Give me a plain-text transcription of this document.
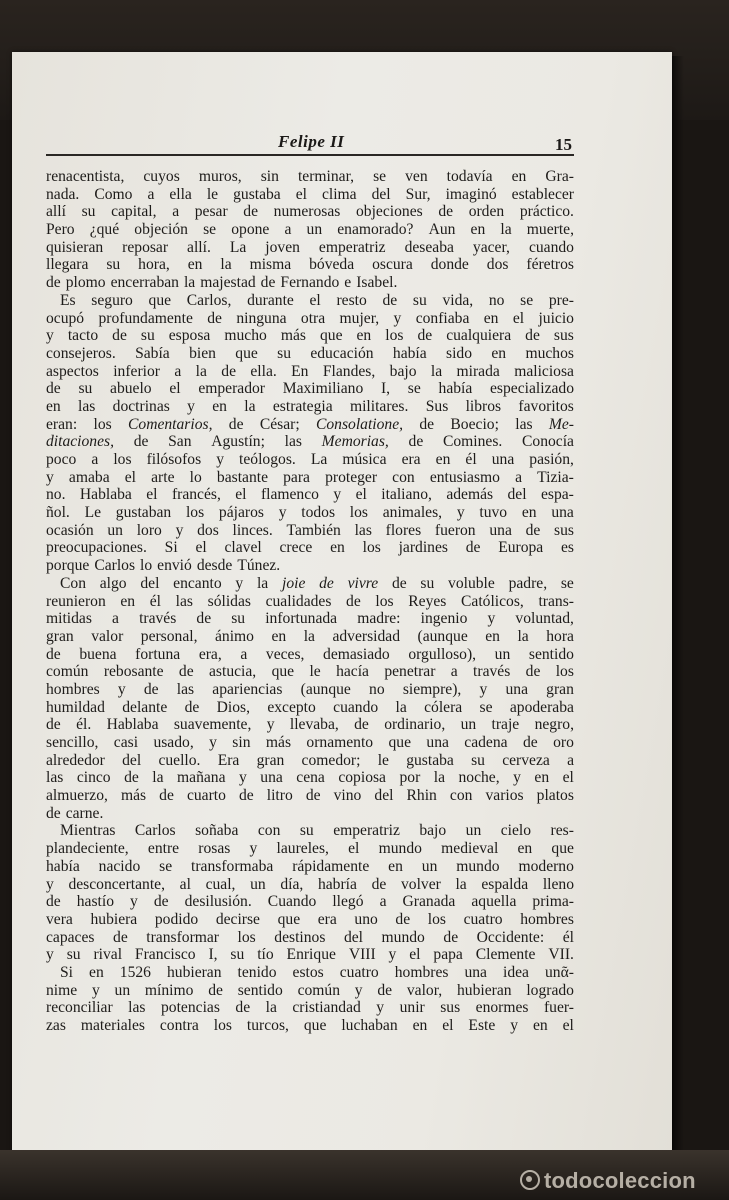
Felipe II	15
renacentista, cuyos muros, sin terminar, se ven todavía en Gra-
nada. Como a ella le gustaba el clima del Sur, imaginó establecer
allí su capital, a pesar de numerosas objeciones de orden práctico.
Pero ¿qué objeción se opone a un enamorado? Aun en la muerte,
quisieran reposar allí. La joven emperatriz deseaba yacer, cuando
llegara su hora, en la misma bóveda oscura donde dos féretros
de plomo encerraban la majestad de Fernando e Isabel.
Es seguro que Carlos, durante el resto de su vida, no se pre-
ocupó profundamente de ninguna otra mujer, y confiaba en el juicio
y tacto de su esposa mucho más que en los de cualquiera de sus
consejeros. Sabía bien que su educación había sido en muchos
aspectos inferior a la de ella. En Flandes, bajo la mirada maliciosa
de su abuelo el emperador Maximiliano I, se había especializado
en las doctrinas y en la estrategia militares. Sus libros favoritos
eran: los Comentarios, de César; Consolatione, de Boecio; las Me-
ditaciones, de San Agustín; las Memorias, de Comines. Conocía
poco a los filósofos y teólogos. La música era en él una pasión,
y amaba el arte lo bastante para proteger con entusiasmo a Tizia-
no. Hablaba el francés, el flamenco y el italiano, además del espa-
ñol. Le gustaban los pájaros y todos los animales, y tuvo en una
ocasión un loro y dos linces. También las flores fueron una de sus
preocupaciones. Si el clavel crece en los jardines de Europa es
porque Carlos lo envió desde Túnez.
Con algo del encanto y la joie de vivre de su voluble padre, se
reunieron en él las sólidas cualidades de los Reyes Católicos, trans-
mitidas a través de su infortunada madre: ingenio y voluntad,
gran valor personal, ánimo en la adversidad (aunque en la hora
de buena fortuna era, a veces, demasiado orgulloso), un sentido
común rebosante de astucia, que le hacía penetrar a través de los
hombres y de las apariencias (aunque no siempre), y una gran
humildad delante de Dios, excepto cuando la cólera se apoderaba
de él. Hablaba suavemente, y llevaba, de ordinario, un traje negro,
sencillo, casi usado, y sin más ornamento que una cadena de oro
alrededor del cuello. Era gran comedor; le gustaba su cerveza a
las cinco de la mañana y una cena copiosa por la noche, y en el
almuerzo, más de cuarto de litro de vino del Rhin con varios platos
de carne.
Mientras Carlos soñaba con su emperatriz bajo un cielo res-
plandeciente, entre rosas y laureles, el mundo medieval en que
había nacido se transformaba rápidamente en un mundo moderno
y desconcertante, al cual, un día, habría de volver la espalda lleno
de hastío y de desilusión. Cuando llegó a Granada aquella prima-
vera hubiera podido decirse que era uno de los cuatro hombres
capaces de transformar los destinos del mundo de Occidente: él
y su rival Francisco I, su tío Enrique VIII y el papa Clemente VII.
Si en 1526 hubieran tenido estos cuatro hombres una idea unᾶ-
nime y un mínimo de sentido común y de valor, hubieran logrado
reconciliar las potencias de la cristiandad y unir sus enormes fuer-
zas materiales contra los turcos, que luchaban en el Este y en el
todocoleccion
